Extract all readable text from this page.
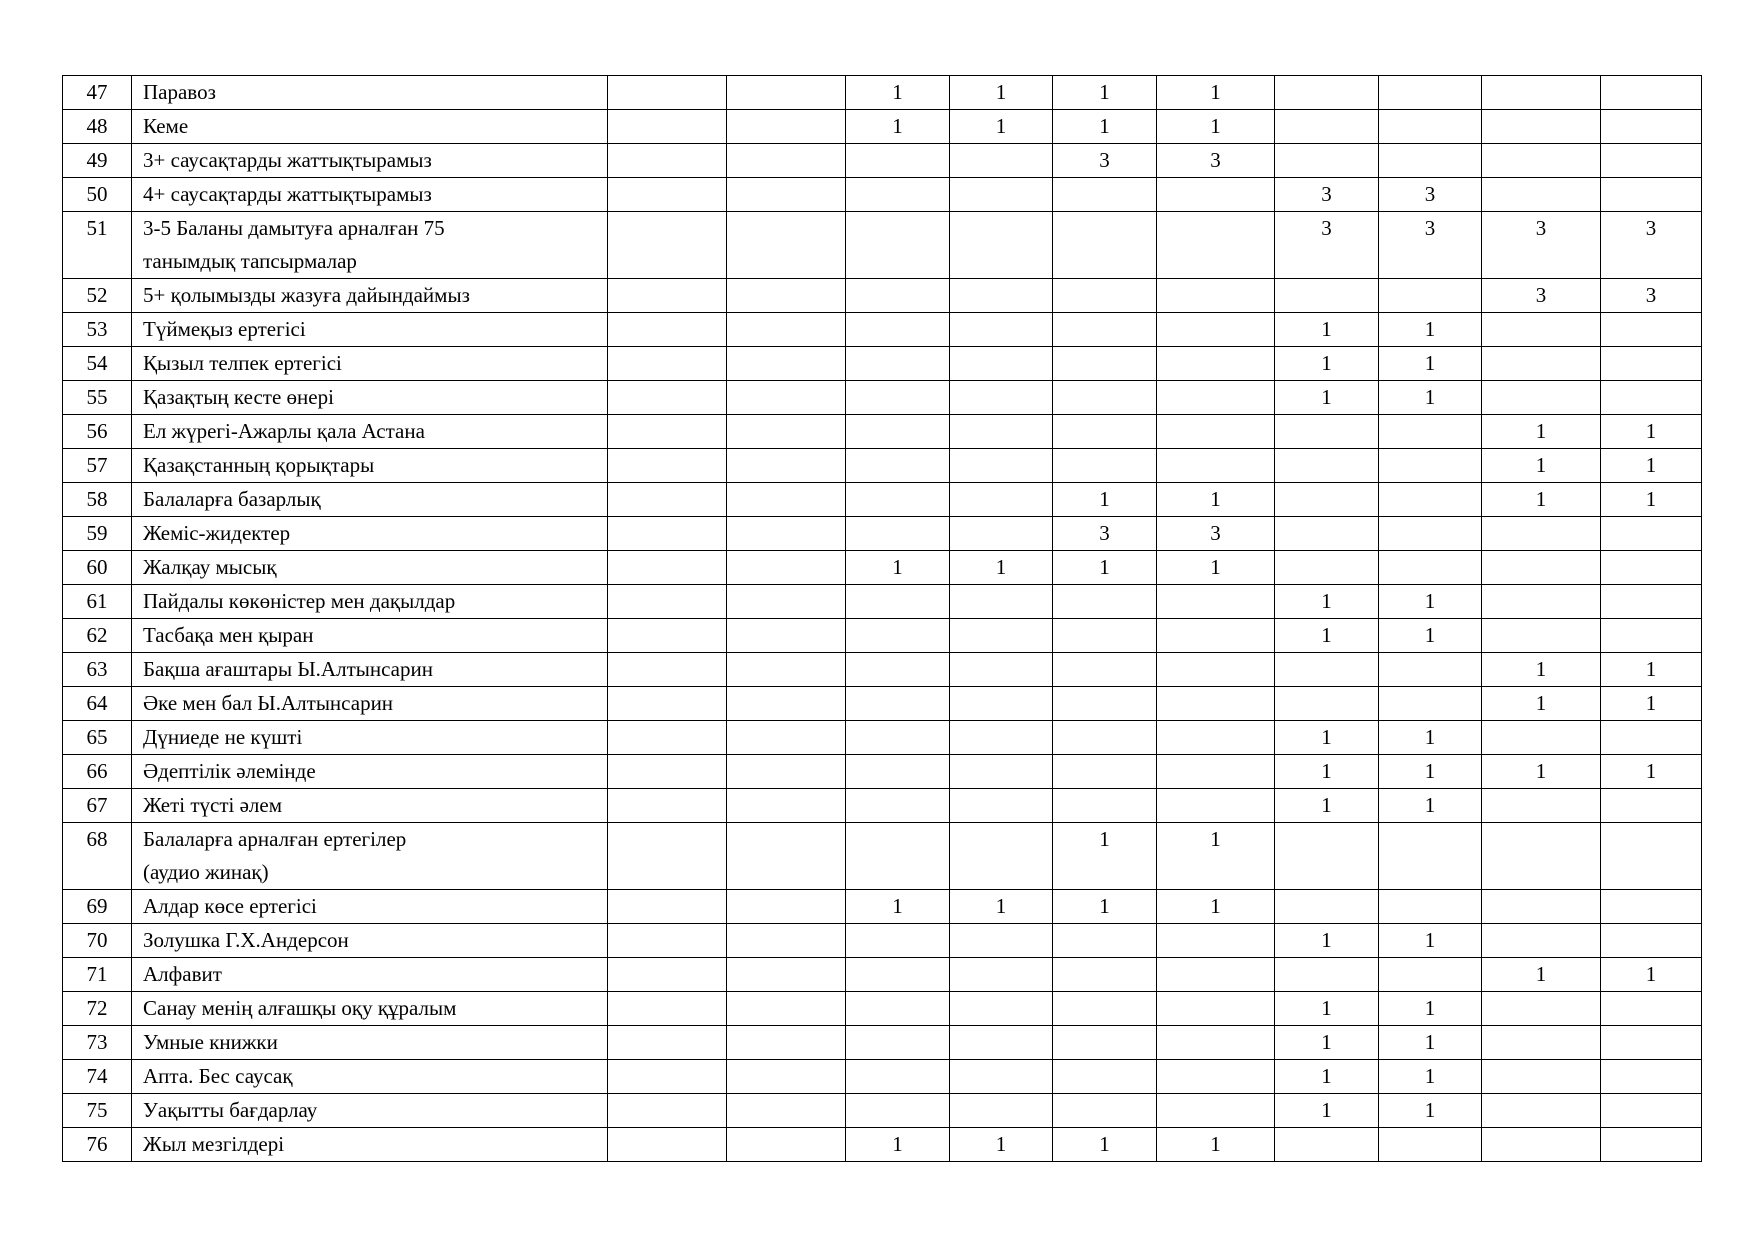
47	Паравоз			1	1	1	1				
48	Кеме			1	1	1	1				
49	3+ саусақтарды жаттықтырамыз					3	3				
50	4+ саусақтарды жаттықтырамыз							3	3		
51	3-5 Баланы дамытуға арналған 75
танымдық тапсырмалар							3	3	3	3
52	5+ қолымызды жазуға дайындаймыз									3	3
53	Түймеқыз ертегісі							1	1		
54	Қызыл телпек ертегісі							1	1		
55	Қазақтың кесте өнері							1	1		
56	Ел жүрегі-Ажарлы қала Астана									1	1
57	Қазақстанның қорықтары									1	1
58	Балаларға базарлық					1	1			1	1
59	Жеміс-жидектер					3	3				
60	Жалқау мысық			1	1	1	1				
61	Пайдалы көкөністер мен дақылдар							1	1		
62	Тасбақа мен қыран							1	1		
63	Бақша ағаштары Ы.Алтынсарин									1	1
64	Әке мен бал Ы.Алтынсарин									1	1
65	Дүниеде не күшті							1	1		
66	Әдептілік әлемінде							1	1	1	1
67	Жеті түсті әлем							1	1		
68	Балаларға арналған ертегілер
(аудио жинақ)					1	1				
69	Алдар көсе ертегісі			1	1	1	1				
70	Золушка Г.Х.Андерсон							1	1		
71	Алфавит									1	1
72	Санау менің алғашқы оқу құралым							1	1		
73	Умные книжки							1	1		
74	Апта. Бес саусақ							1	1		
75	Уақытты бағдарлау							1	1		
76	Жыл мезгілдері			1	1	1	1				
